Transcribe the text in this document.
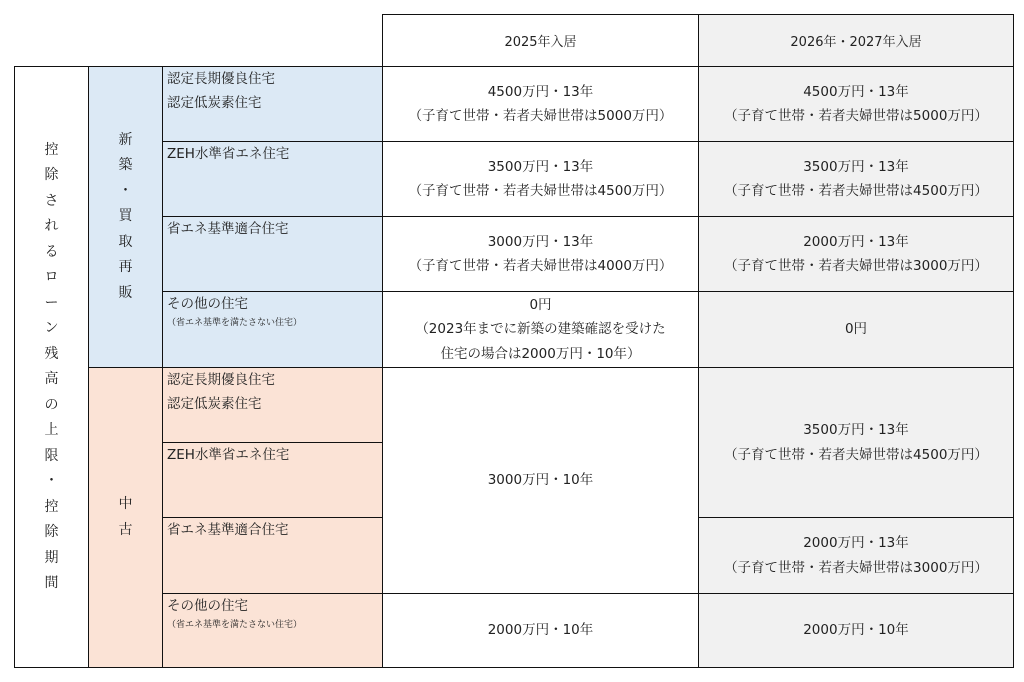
2025年入居	2026年・2027年入居
控
除
さ
れ
る
ロ
ー
ン
残
高
の
上
限
・
控
除
期
間
新
築
・
買
取
再
販
中
古
認定長期優良住宅
認定低炭素住宅
ZEH水準省エネ住宅
省エネ基準適合住宅
その他の住宅
（省エネ基準を満たさない住宅）
4500万円・13年
（子育て世帯・若者夫婦世帯は5000万円）
3500万円・13年
（子育て世帯・若者夫婦世帯は4500万円）
3000万円・13年
（子育て世帯・若者夫婦世帯は4000万円）
0円
（2023年までに新築の建築確認を受けた
住宅の場合は2000万円・10年）
4500万円・13年
（子育て世帯・若者夫婦世帯は5000万円）
3500万円・13年
（子育て世帯・若者夫婦世帯は4500万円）
2000万円・13年
（子育て世帯・若者夫婦世帯は3000万円）
0円
認定長期優良住宅
認定低炭素住宅
ZEH水準省エネ住宅
省エネ基準適合住宅
その他の住宅
（省エネ基準を満たさない住宅）
3000万円・10年
2000万円・10年
3500万円・13年
（子育て世帯・若者夫婦世帯は4500万円）
2000万円・13年
（子育て世帯・若者夫婦世帯は3000万円）
2000万円・10年
